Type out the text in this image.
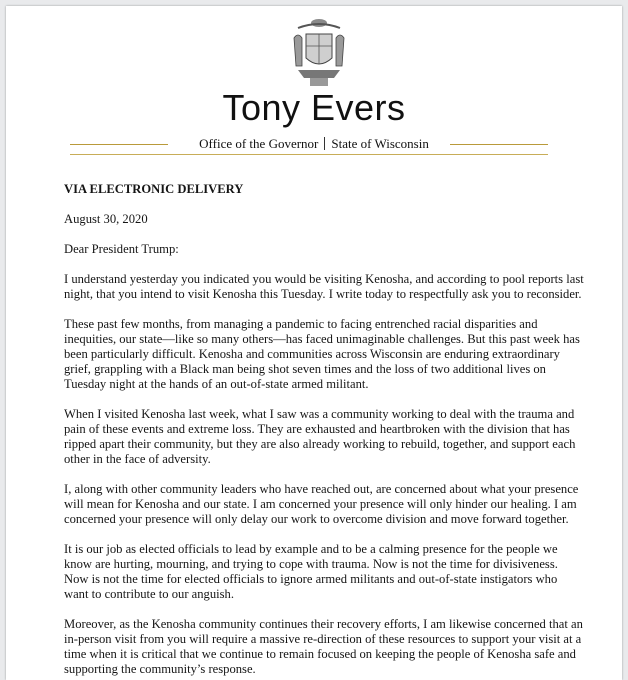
Tony Evers
Office of the Governor State of Wisconsin

VIA ELECTRONIC DELIVERY

August 30, 2020

Dear President Trump:

I understand yesterday you indicated you would be visiting Kenosha, and according to pool reports last night, that you intend to visit Kenosha this Tuesday. I write today to respectfully ask you to reconsider.

These past few months, from managing a pandemic to facing entrenched racial disparities and inequities, our state—like so many others—has faced unimaginable challenges. But this past week has been particularly difficult. Kenosha and communities across Wisconsin are enduring extraordinary grief, grappling with a Black man being shot seven times and the loss of two additional lives on Tuesday night at the hands of an out-of-state armed militant.

When I visited Kenosha last week, what I saw was a community working to deal with the trauma and pain of these events and extreme loss. They are exhausted and heartbroken with the division that has ripped apart their community, but they are also already working to rebuild, together, and support each other in the face of adversity.

I, along with other community leaders who have reached out, are concerned about what your presence will mean for Kenosha and our state. I am concerned your presence will only hinder our healing. I am concerned your presence will only delay our work to overcome division and move forward together.

It is our job as elected officials to lead by example and to be a calming presence for the people we know are hurting, mourning, and trying to cope with trauma. Now is not the time for divisiveness. Now is not the time for elected officials to ignore armed militants and out-of-state instigators who want to contribute to our anguish.

Moreover, as the Kenosha community continues their recovery efforts, I am likewise concerned that an in-person visit from you will require a massive re-direction of these resources to support your visit at a time when it is critical that we continue to remain focused on keeping the people of Kenosha safe and supporting the community’s response.
